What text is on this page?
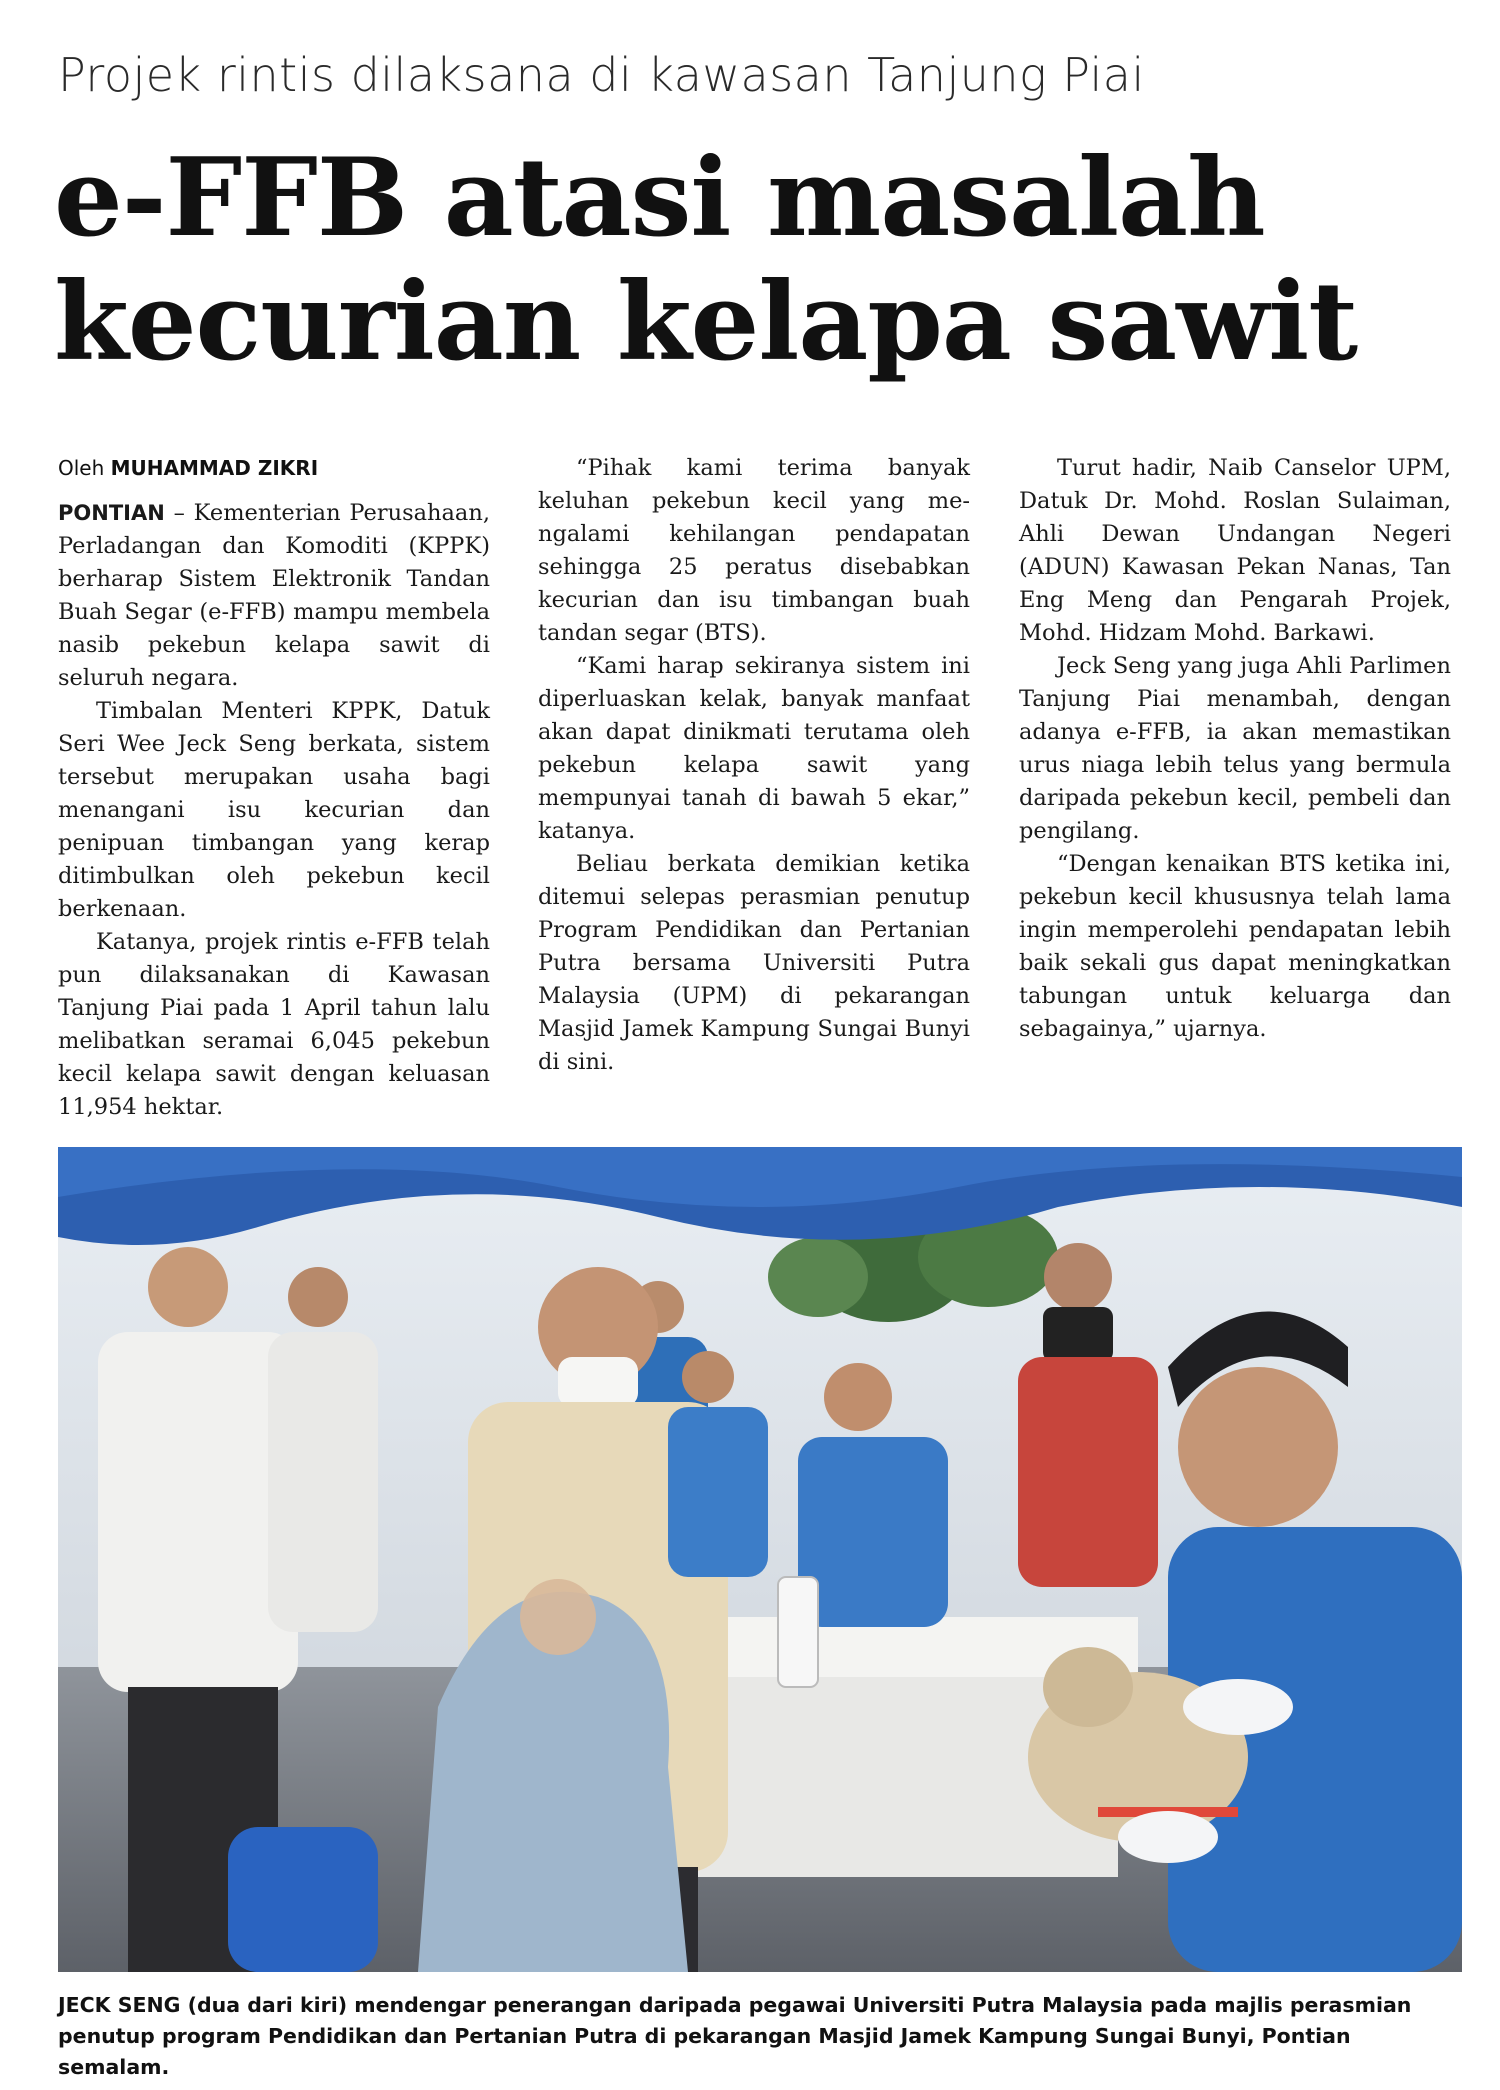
Projek rintis dilaksana di kawasan Tanjung Piai
e-FFB atasi masalah
kecurian kelapa sawit
Oleh MUHAMMAD ZIKRI

PONTIAN – Kementerian Perusahaan, Perladangan dan Komoditi (KPPK) berharap Sistem Elektronik Tandan Buah Segar (e-FFB) mampu membela nasib pekebun kelapa sawit di seluruh negara.

Timbalan Menteri KPPK, Datuk Seri Wee Jeck Seng berkata, sistem tersebut merupakan usaha bagi menangani isu kecurian dan penipuan timbangan yang kerap ditimbulkan oleh pekebun kecil berkenaan.

Katanya, projek rintis e-FFB telah pun dilaksanakan di Kawasan Tanjung Piai pada 1 April tahun lalu melibatkan seramai 6,045 pekebun kecil kelapa sawit dengan keluasan 11,954 hektar.

“Pihak kami terima banyak keluhan pekebun kecil yang mengalami kehilangan pendapatan sehingga 25 peratus disebabkan kecurian dan isu timbangan buah tandan segar (BTS).

“Kami harap sekiranya sistem ini diperluaskan kelak, banyak manfaat akan dapat dinikmati terutama oleh pekebun kelapa sawit yang mempunyai tanah di bawah 5 ekar,” katanya.

Beliau berkata demikian ketika ditemui selepas perasmian penutup Program Pendidikan dan Pertanian Putra bersama Universiti Putra Malaysia (UPM) di pekarangan Masjid Jamek Kampung Sungai Bunyi di sini.

Turut hadir, Naib Canselor UPM, Datuk Dr. Mohd. Roslan Sulaiman, Ahli Dewan Undangan Negeri (ADUN) Kawasan Pekan Nanas, Tan Eng Meng dan Pengarah Projek, Mohd. Hidzam Mohd. Barkawi.

Jeck Seng yang juga Ahli Parlimen Tanjung Piai menambah, dengan adanya e-FFB, ia akan memastikan urus niaga lebih telus yang bermula daripada pekebun kecil, pembeli dan pengilang.

“Dengan kenaikan BTS ketika ini, pekebun kecil khususnya telah lama ingin memperolehi pendapatan lebih baik sekali gus dapat meningkatkan tabungan untuk keluarga dan sebagainya,” ujarnya.

JECK SENG (dua dari kiri) mendengar penerangan daripada pegawai Universiti Putra Malaysia pada majlis perasmian penutup program Pendidikan dan Pertanian Putra di pekarangan Masjid Jamek Kampung Sungai Bunyi, Pontian semalam.
